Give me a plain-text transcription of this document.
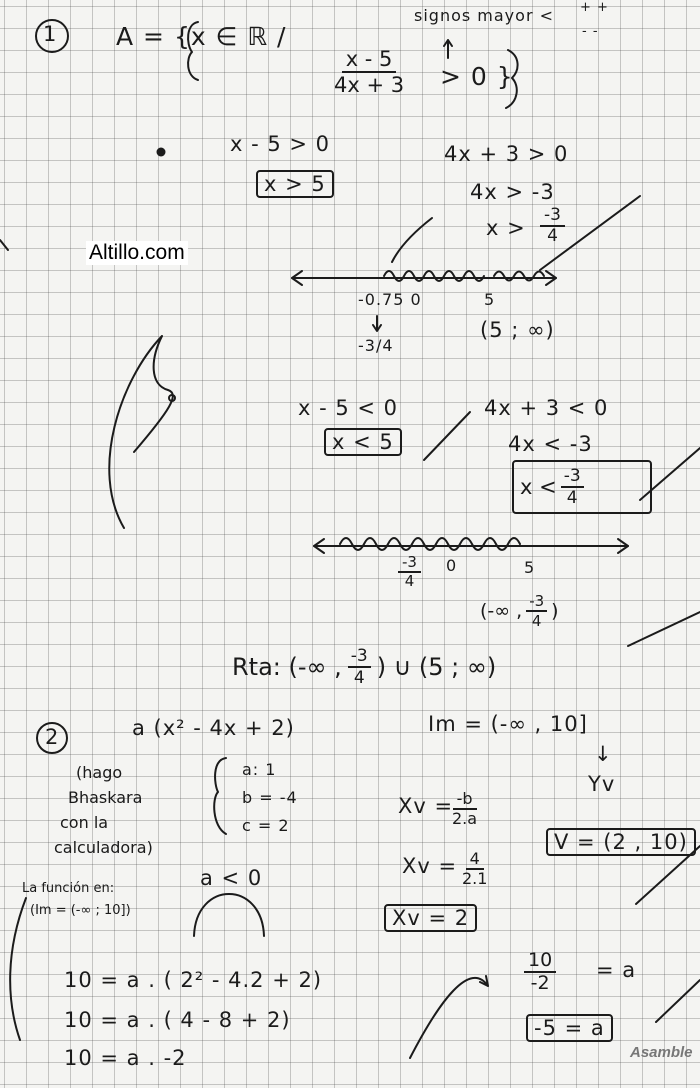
Altillo.com
1
signos mayor < + +
- -
A = {x ∈ ℝ /
$\frac{x - 5}{4x + 3} > 0$ }
x - 5 > 0
x > 5
4x + 3 > 0
4x > -3
$x > \frac{-3}{4}$
-0.75 0	5
-3/4
(5 ; ∞)
x - 5 < 0
x < 5
4x + 3 < 0
4x < -3
$x < \frac{-3}{4}$
$\frac{-3}{4} 0$	5
(-∞ , $\frac{-3}{4}$ )
Rta: (-∞ , $\frac{-3}{4}$ ) ∪ (5 ; ∞)
2	a (x² - 4x + 2)	Im = (-∞ , 10]
↓
Yv
(hago
Bhaskara
con la
calculadora)
a: 1
b = -4
c = 2
Xv =
$\frac{-b}{2.a}$
$Xv = \frac{4}{2.1}$
Xv = 2
V = (2 , 10)
La función en:
(Im = (-∞ ; 10])
a < 0
10 = a . ( 2² - 4.2 + 2)
10 = a . ( 4 - 8 + 2)
10 = a . -2
$\frac{10}{-2} = a$
-5 = a
Asamble
